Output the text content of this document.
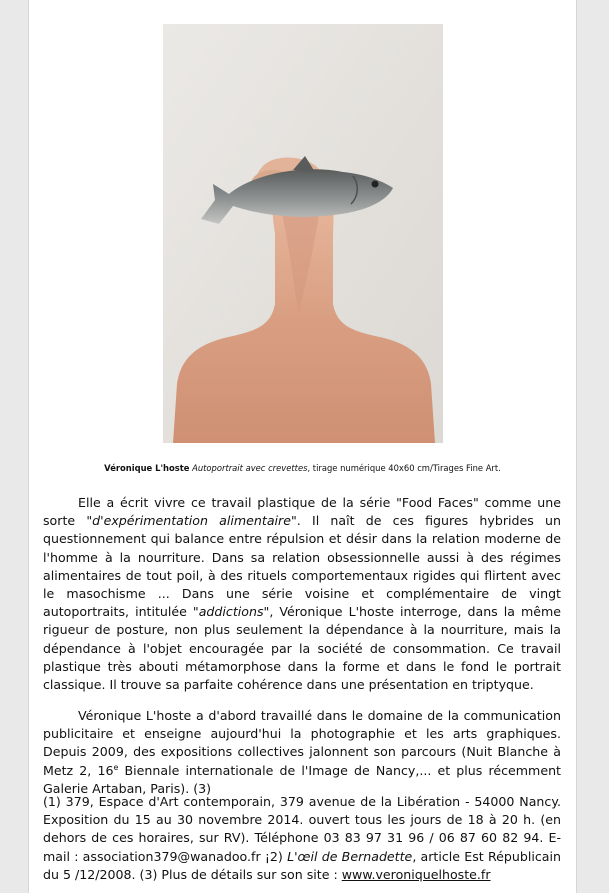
Véronique L'hoste Autoportrait avec crevettes, tirage numérique 40x60 cm/Tirages Fine Art.

Elle a écrit vivre ce travail plastique de la série "Food Faces" comme une sorte "d'expérimentation alimentaire". Il naît de ces figures hybrides un questionnement qui balance entre répulsion et désir dans la relation moderne de l'homme à la nourriture. Dans sa relation obsessionnelle aussi à des régimes alimentaires de tout poil, à des rituels comportementaux rigides qui flirtent avec le masochisme ... Dans une série voisine et complémentaire de vingt autoportraits, intitulée "addictions", Véronique L'hoste interroge, dans la même rigueur de posture, non plus seulement la dépendance à la nourriture, mais la dépendance à l'objet encouragée par la société de consommation. Ce travail plastique très abouti métamorphose dans la forme et dans le fond le portrait classique. Il trouve sa parfaite cohérence dans une présentation en triptyque.

Véronique L'hoste a d'abord travaillé dans le domaine de la communication publicitaire et enseigne aujourd'hui la photographie et les arts graphiques. Depuis 2009, des expositions collectives jalonnent son parcours (Nuit Blanche à Metz 2, 16e Biennale internationale de l'Image de Nancy,... et plus récemment Galerie Artaban, Paris). (3)

(1) 379, Espace d'Art contemporain, 379 avenue de la Libération - 54000 Nancy. Exposition du 15 au 30 novembre 2014. ouvert tous les jours de 18 à 20 h. (en dehors de ces horaires, sur RV). Téléphone 03 83 97 31 96 / 06 87 60 82 94. E-mail : association379@wanadoo.fr ¡2) L'œil de Bernadette, article Est Républicain du 5 /12/2008. (3) Plus de détails sur son site : www.veroniquelhoste.fr
